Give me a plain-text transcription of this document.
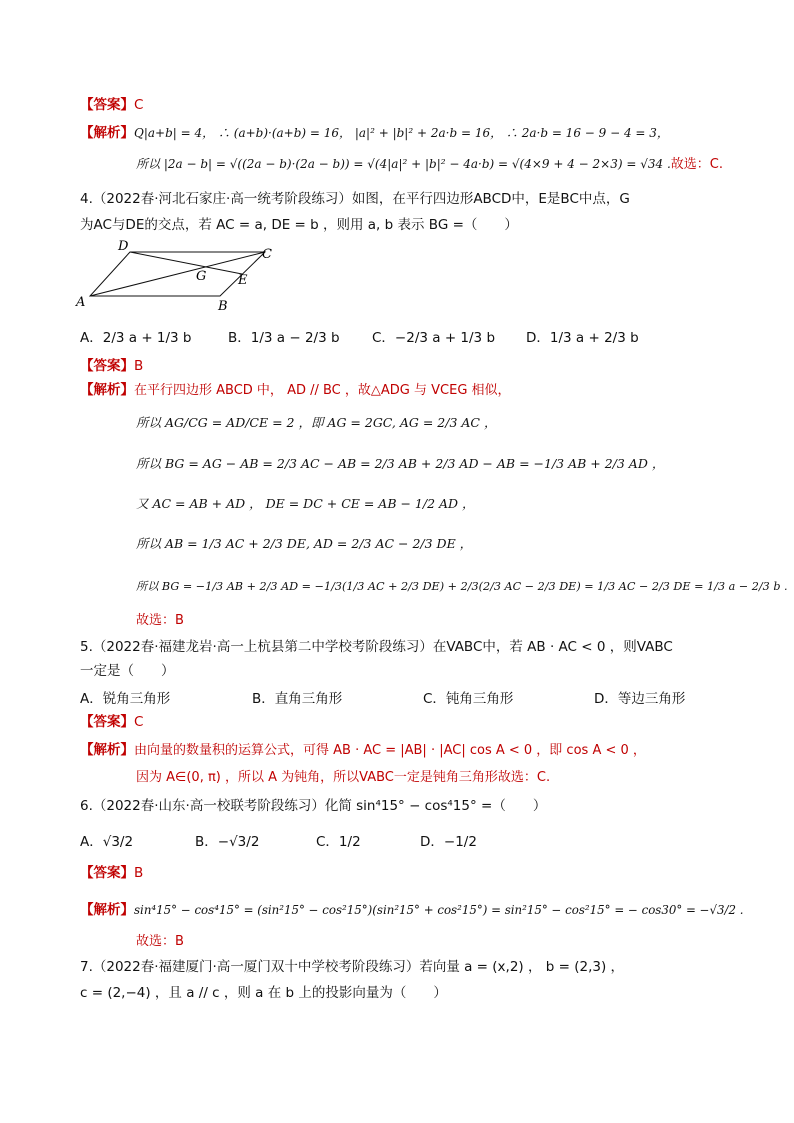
【答案】C
【解析】Q|a+b| = 4， ∴ (a+b)·(a+b) = 16， |a|² + |b|² + 2a·b = 16， ∴ 2a·b = 16 − 9 − 4 = 3，
所以 |2a − b| = √((2a − b)·(2a − b)) = √(4|a|² + |b|² − 4a·b) = √(4×9 + 4 − 2×3) = √34 .故选：C.
4.（2022春·河北石家庄·高一统考阶段练习）如图，在平行四边形ABCD中，E是BC中点，G
为AC与DE的交点，若 AC = a, DE = b ，则用 a, b 表示 BG =（　　）
D
C
G E
A	B
A．2/3 a + 1/3 b	B．1/3 a − 2/3 b C．−2/3 a + 1/3 b D．1/3 a + 2/3 b
【答案】B
【解析】在平行四边形 ABCD 中， AD // BC ，故△ADG 与 VCEG 相似，
所以 AG/CG = AD/CE = 2 ，即 AG = 2GC, AG = 2/3 AC ，
所以 BG = AG − AB = 2/3 AC − AB = 2/3 AB + 2/3 AD − AB = −1/3 AB + 2/3 AD ，
又 AC = AB + AD ， DE = DC + CE = AB − 1/2 AD ，
所以 AB = 1/3 AC + 2/3 DE, AD = 2/3 AC − 2/3 DE ，
所以 BG = −1/3 AB + 2/3 AD = −1/3(1/3 AC + 2/3 DE) + 2/3(2/3 AC − 2/3 DE) = 1/3 AC − 2/3 DE = 1/3 a − 2/3 b .
故选：B
5.（2022春·福建龙岩·高一上杭县第二中学校考阶段练习）在VABC中，若 AB · AC < 0 ，则VABC
一定是（　　）
A．锐角三角形	B．直角三角形	C．钝角三角形	D．等边三角形
【答案】C
【解析】由向量的数量积的运算公式，可得 AB · AC = |AB| · |AC| cos A < 0 ，即 cos A < 0 ，
因为 A∈(0, π) ，所以 A 为钝角，所以VABC一定是钝角三角形故选：C.
6.（2022春·山东·高一校联考阶段练习）化简 sin⁴15° − cos⁴15° =（　　）
A．√3/2	B．−√3/2	C．1/2	D．−1/2
【答案】B
【解析】sin⁴15° − cos⁴15° = (sin²15° − cos²15°)(sin²15° + cos²15°) = sin²15° − cos²15° = − cos30° = −√3/2 .
故选：B
7.（2022春·福建厦门·高一厦门双十中学校考阶段练习）若向量 a = (x,2) ， b = (2,3) ，
c = (2,−4) ，且 a // c ，则 a 在 b 上的投影向量为（　　）
